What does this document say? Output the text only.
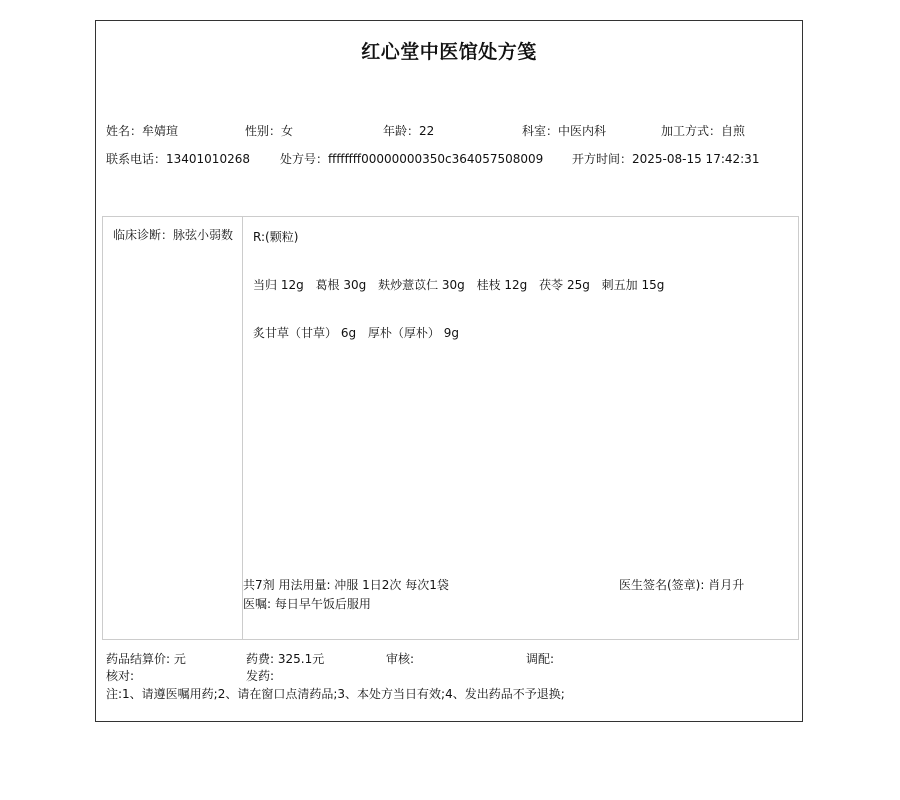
红心堂中医馆处方笺
姓名：牟婧瑄	性别：女	年龄：22	科室：中医内科	加工方式：自煎
联系电话：13401010268	处方号：ffffffff00000000350c364057508009 开方时间：2025-08-15 17:42:31
临床诊断：脉弦小弱数 R:(颗粒)
当归 12g 葛根 30g 麸炒薏苡仁 30g 桂枝 12g 茯苓 25g 刺五加 15g
炙甘草（甘草） 6g 厚朴（厚朴） 9g
共7剂 用法用量: 冲服 1日2次 每次1袋	医生签名(签章): 肖月升
医嘱: 每日早午饭后服用
药品结算价: 元	药费: 325.1元	审核:	调配:
核对:	发药:
注:1、请遵医嘱用药;2、请在窗口点清药品;3、本处方当日有效;4、发出药品不予退换;
